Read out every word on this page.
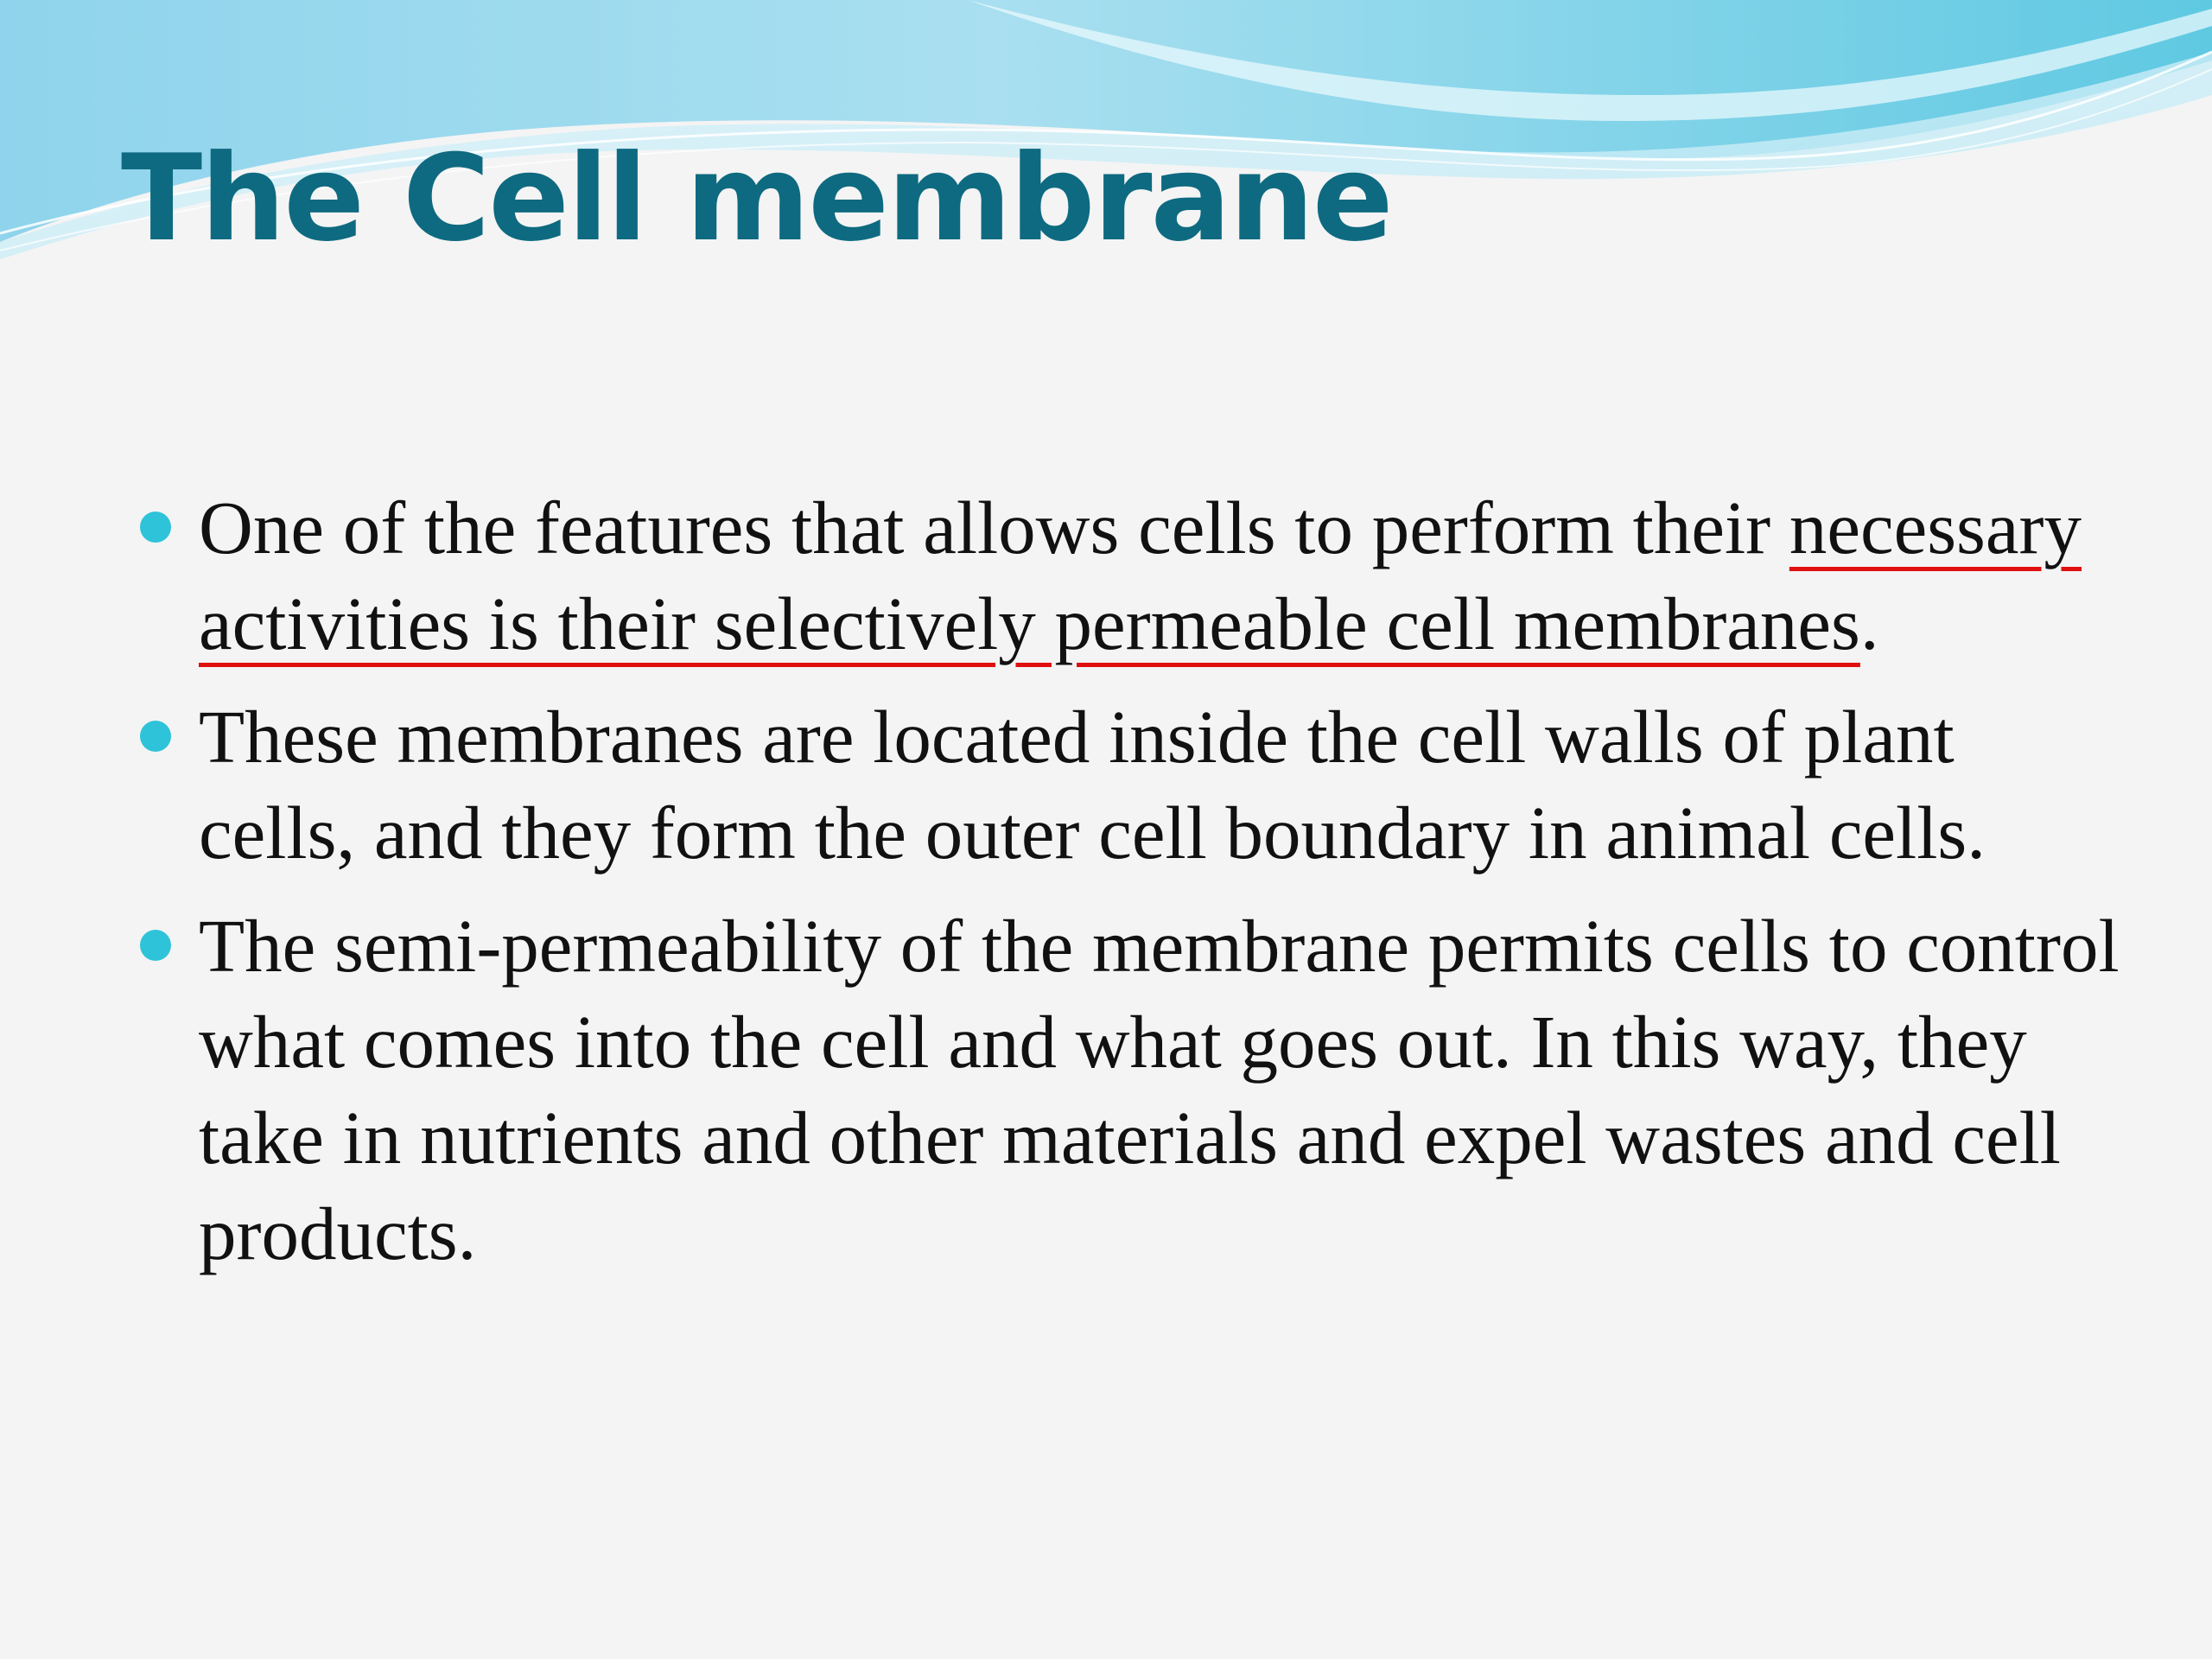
The Cell membrane
One of the features that allows cells to perform their necessary activities is their selectively permeable cell membranes.
These membranes are located inside the cell walls of plant cells, and they form the outer cell boundary in animal cells.
The semi-permeability of the membrane permits cells to control what comes into the cell and what goes out. In this way, they take in nutrients and other materials and expel wastes and cell products.
